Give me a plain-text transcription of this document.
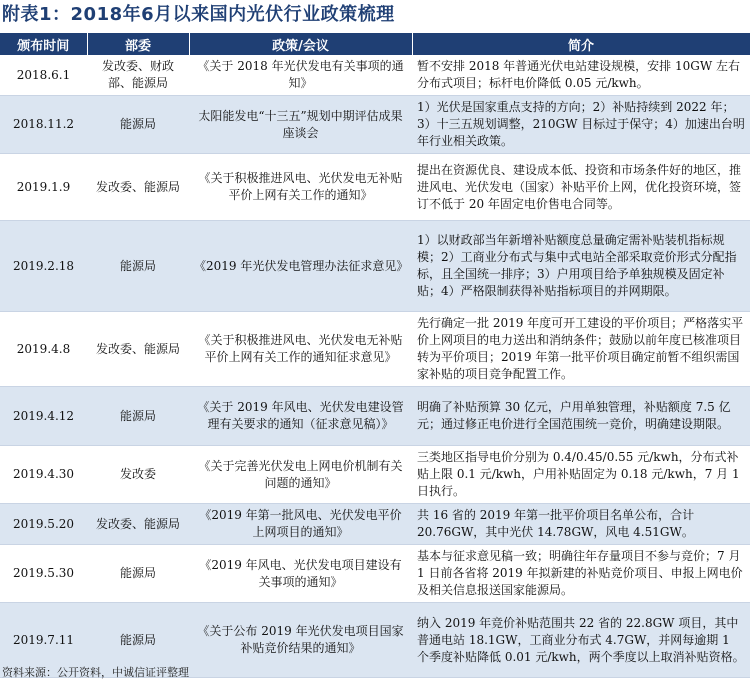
附表1：2018年6月以来国内光伏行业政策梳理
颁布时间	部委	政策/会议	简介
2018.6.1	发改委、财政部、能源局	《关于 2018 年光伏发电有关事项的通知》	暂不安排 2018 年普通光伏电站建设规模，安排 10GW 左右分布式项目；标杆电价降低 0.05 元/kwh。
2018.11.2	能源局	太阳能发电“十三五”规划中期评估成果座谈会	1）光伏是国家重点支持的方向；2）补贴持续到 2022 年；3）十三五规划调整，210GW 目标过于保守；4）加速出台明年行业相关政策。
2019.1.9	发改委、能源局	《关于积极推进风电、光伏发电无补贴平价上网有关工作的通知》	提出在资源优良、建设成本低、投资和市场条件好的地区，推进风电、光伏发电（国家）补贴平价上网，优化投资环境，签订不低于 20 年固定电价售电合同等。
2019.2.18	能源局	《2019 年光伏发电管理办法征求意见》	1）以财政部当年新增补贴额度总量确定需补贴装机指标规模；2）工商业分布式与集中式电站全部采取竞价形式分配指标，且全国统一排序；3）户用项目给予单独规模及固定补贴；4）严格限制获得补贴指标项目的并网期限。
2019.4.8	发改委、能源局	《关于积极推进风电、光伏发电无补贴平价上网有关工作的通知征求意见》	先行确定一批 2019 年度可开工建设的平价项目；严格落实平价上网项目的电力送出和消纳条件；鼓励以前年度已核准项目转为平价项目；2019 年第一批平价项目确定前暂不组织需国家补贴的项目竞争配置工作。
2019.4.12	能源局	《关于 2019 年风电、光伏发电建设管理有关要求的通知（征求意见稿）》	明确了补贴预算 30 亿元，户用单独管理，补贴额度 7.5 亿元；通过修正电价进行全国范围统一竞价，明确建设期限。
2019.4.30	发改委	《关于完善光伏发电上网电价机制有关问题的通知》	三类地区指导电价分别为 0.4/0.45/0.55 元/kwh，分布式补贴上限 0.1 元/kwh，户用补贴固定为 0.18 元/kwh，7 月 1 日执行。
2019.5.20	发改委、能源局	《2019 年第一批风电、光伏发电平价上网项目的通知》	共 16 省的 2019 年第一批平价项目名单公布，合计 20.76GW，其中光伏 14.78GW，风电 4.51GW。
2019.5.30	能源局	《2019 年风电、光伏发电项目建设有关事项的通知》	基本与征求意见稿一致；明确往年存量项目不参与竞价；7 月 1 日前各省将 2019 年拟新建的补贴竞价项目、申报上网电价及相关信息报送国家能源局。
2019.7.11	能源局	《关于公布 2019 年光伏发电项目国家补贴竞价结果的通知》	纳入 2019 年竞价补贴范围共 22 省的 22.8GW 项目，其中普通电站 18.1GW，工商业分布式 4.7GW，并网每逾期 1 个季度补贴降低 0.01 元/kwh，两个季度以上取消补贴资格。
资料来源：公开资料，中诚信证评整理
